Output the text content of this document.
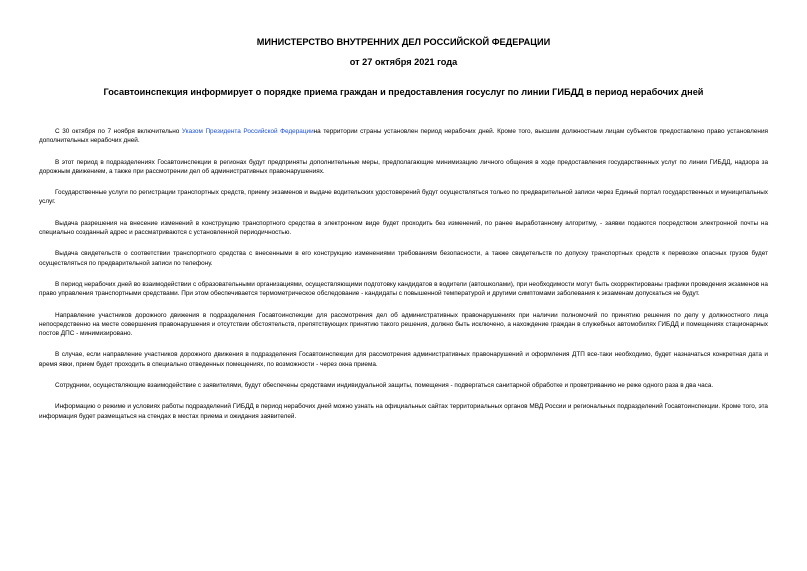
МИНИСТЕРСТВО ВНУТРЕННИХ ДЕЛ РОССИЙСКОЙ ФЕДЕРАЦИИ
от 27 октября 2021 года
Госавтоинспекция информирует о порядке приема граждан и предоставления госуслуг по линии ГИБДД в период нерабочих дней

С 30 октября по 7 ноября включительно Указом Президента Российской Федерациина территории страны установлен период нерабочих дней. Кроме того, высшим должностным лицам субъектов предоставлено право установления дополнительных нерабочих дней.

В этот период в подразделениях Госавтоинспекции в регионах будут предприняты дополнительные меры, предполагающие минимизацию личного общения в ходе предоставления государственных услуг по линии ГИБДД, надзора за дорожным движением, а также при рассмотрении дел об административных правонарушениях.

Государственные услуги по регистрации транспортных средств, приему экзаменов и выдаче водительских удостоверений будут осуществляться только по предварительной записи через Единый портал государственных и муниципальных услуг.

Выдача разрешения на внесение изменений в конструкцию транспортного средства в электронном виде будет проходить без изменений, по ранее выработанному алгоритму, - заявки подаются посредством электронной почты на специально созданный адрес и рассматриваются с установленной периодичностью.

Выдача свидетельств о соответствии транспортного средства с внесенными в его конструкцию изменениями требованиям безопасности, а также свидетельств по допуску транспортных средств к перевозке опасных грузов будет осуществляться по предварительной записи по телефону.

В период нерабочих дней во взаимодействии с образовательными организациями, осуществляющими подготовку кандидатов в водители (автошколами), при необходимости могут быть скорректированы графики проведения экзаменов на право управления транспортными средствами. При этом обеспечивается термометрическое обследование - кандидаты с повышенной температурой и другими симптомами заболевания к экзаменам допускаться не будут.

Направление участников дорожного движения в подразделения Госавтоинспекции для рассмотрения дел об административных правонарушениях при наличии полномочий по принятию решения по делу у должностного лица непосредственно на месте совершения правонарушения и отсутствии обстоятельств, препятствующих принятию такого решения, должно быть исключено, а нахождение граждан в служебных автомобилях ГИБДД и помещениях стационарных постов ДПС - минимизировано.

В случае, если направление участников дорожного движения в подразделения Госавтоинспекции для рассмотрения административных правонарушений и оформления ДТП все-таки необходимо, будет назначаться конкретная дата и время явки, прием будет проходить в специально отведенных помещениях, по возможности - через окна приема.

Сотрудники, осуществляющие взаимодействие с заявителями, будут обеспечены средствами индивидуальной защиты, помещения - подвергаться санитарной обработке и проветриванию не реже одного раза в два часа.

Информацию о режиме и условиях работы подразделений ГИБДД в период нерабочих дней можно узнать на официальных сайтах территориальных органов МВД России и региональных подразделений Госавтоинспекции. Кроме того, эта информация будет размещаться на стендах в местах приема и ожидания заявителей.
